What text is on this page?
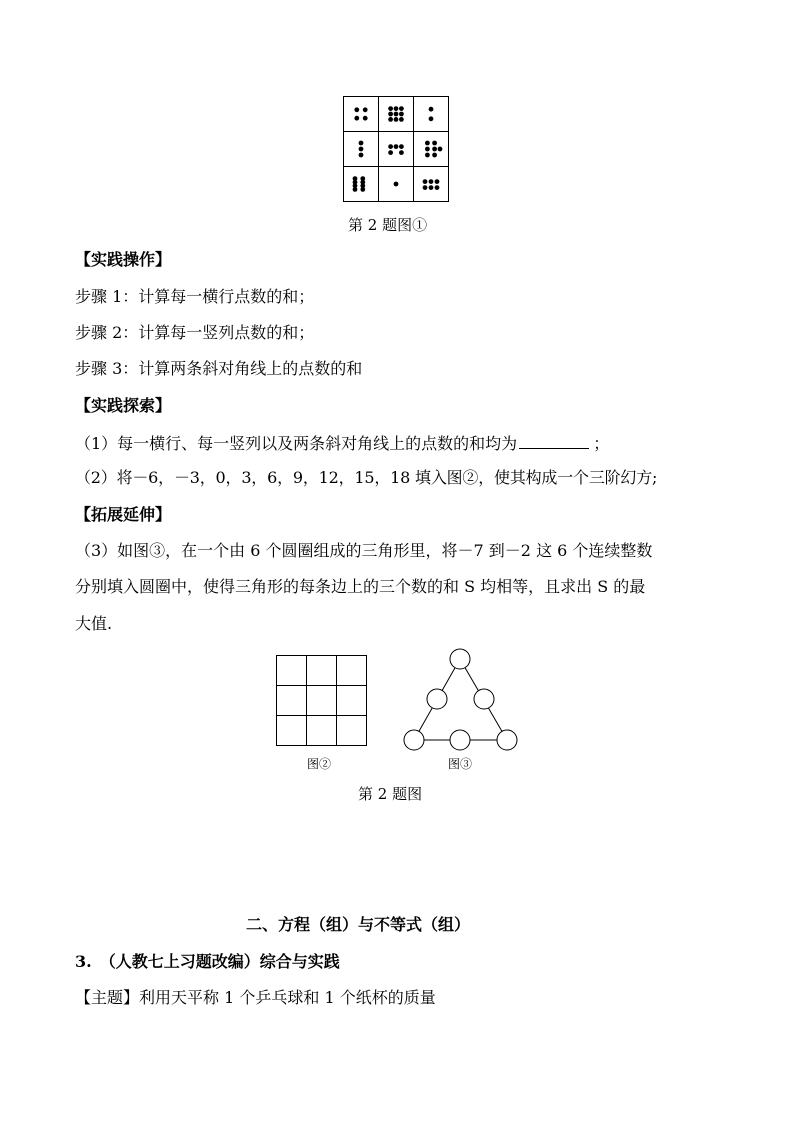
第 2 题图①
【实践操作】
步骤 1：计算每一横行点数的和；
步骤 2：计算每一竖列点数的和；
步骤 3：计算两条斜对角线上的点数的和
【实践探索】
（1）每一横行、每一竖列以及两条斜对角线上的点数的和均为	；
（2）将－6，－3，0，3，6，9，12，15，18 填入图②，使其构成一个三阶幻方;
【拓展延伸】
（3）如图③，在一个由 6 个圆圈组成的三角形里，将－7 到－2 这 6 个连续整数
分别填入圆圈中，使得三角形的每条边上的三个数的和 S 均相等，且求出 S 的最
大值.
图②	图③
第 2 题图
二、方程（组）与不等式（组）
3.　（人教七上习题改编）综合与实践
【主题】利用天平称 1 个乒乓球和 1 个纸杯的质量
